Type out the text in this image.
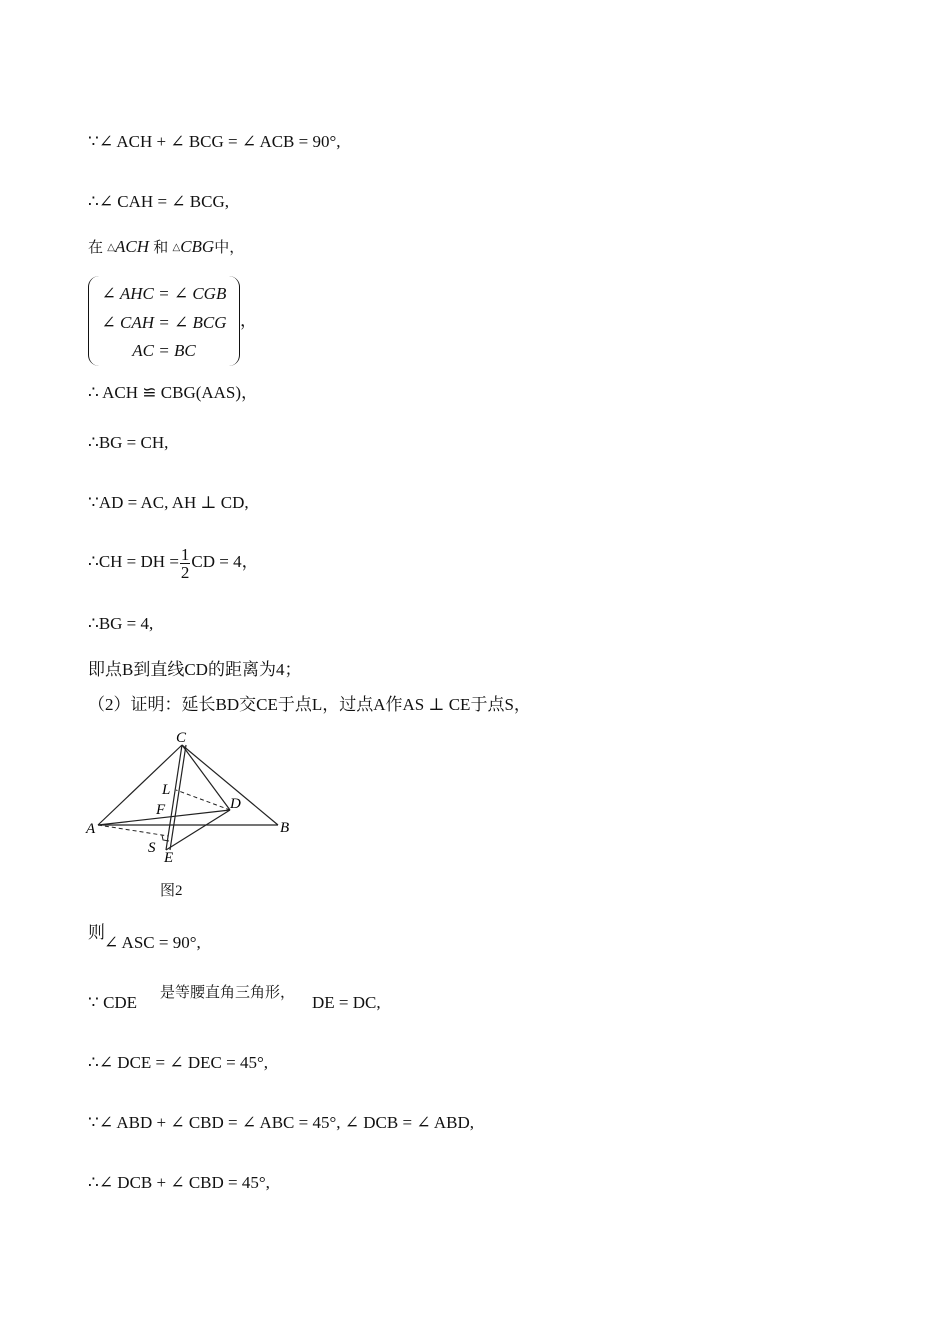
∵∠ ACH + ∠ BCG = ∠ ACB = 90°,
∴∠ CAH = ∠ BCG,
在 △ACH 和 △CBG中，
∠ AHC = ∠ CGB
∠ CAH = ∠ BCG
AC = BC
，
∴ ACH ≌ CBG(AAS)，
∴BG = CH,
∵AD = AC, AH ⊥ CD,
∴CH = DH = $\frac{1}{2}$ CD = 4，
∴BG = 4,
即点B到直线CD的距离为4；
（2）证明：延长BD交CE于点L，过点A作AS ⊥ CE于点S，
C
L
F	D
A	B
S
E
图2
则
∠ ASC = 90°,
∵ CDE 是等腰直角三角形， DE = DC,
∴∠ DCE = ∠ DEC = 45°,
∵∠ ABD + ∠ CBD = ∠ ABC = 45°, ∠ DCB = ∠ ABD,
∴∠ DCB + ∠ CBD = 45°,
